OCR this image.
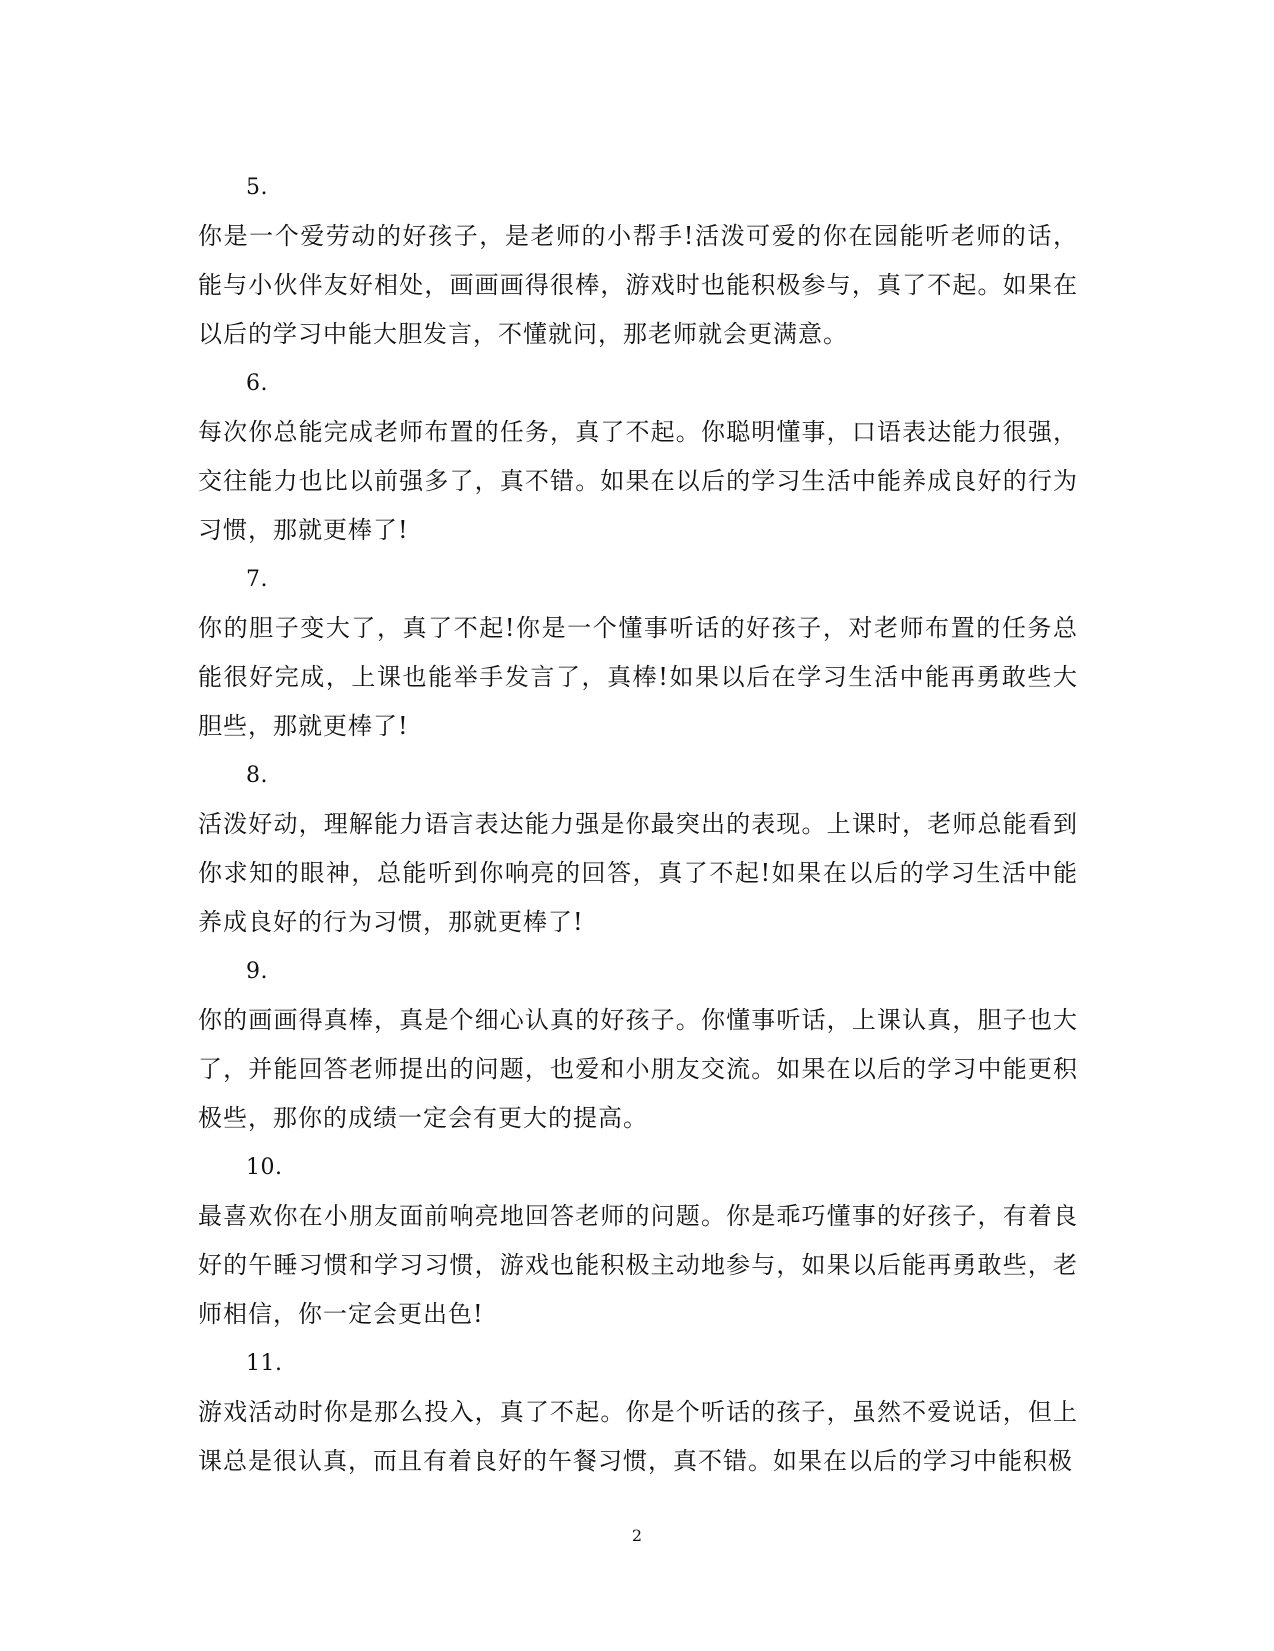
5.

你是一个爱劳动的好孩子，是老师的小帮手!活泼可爱的你在园能听老师的话，能与小伙伴友好相处，画画画得很棒，游戏时也能积极参与，真了不起。如果在以后的学习中能大胆发言，不懂就问，那老师就会更满意。

6.

每次你总能完成老师布置的任务，真了不起。你聪明懂事，口语表达能力很强，交往能力也比以前强多了，真不错。如果在以后的学习生活中能养成良好的行为习惯，那就更棒了!

7.

你的胆子变大了，真了不起!你是一个懂事听话的好孩子，对老师布置的任务总能很好完成，上课也能举手发言了，真棒!如果以后在学习生活中能再勇敢些大胆些，那就更棒了!

8.

活泼好动，理解能力语言表达能力强是你最突出的表现。上课时，老师总能看到你求知的眼神，总能听到你响亮的回答，真了不起!如果在以后的学习生活中能养成良好的行为习惯，那就更棒了!

9.

你的画画得真棒，真是个细心认真的好孩子。你懂事听话，上课认真，胆子也大了，并能回答老师提出的问题，也爱和小朋友交流。如果在以后的学习中能更积极些，那你的成绩一定会有更大的提高。

10.

最喜欢你在小朋友面前响亮地回答老师的问题。你是乖巧懂事的好孩子，有着良好的午睡习惯和学习习惯，游戏也能积极主动地参与，如果以后能再勇敢些，老师相信，你一定会更出色!

11.

游戏活动时你是那么投入，真了不起。你是个听话的孩子，虽然不爱说话，但上课总是很认真，而且有着良好的午餐习惯，真不错。如果在以后的学习中能积极

2
